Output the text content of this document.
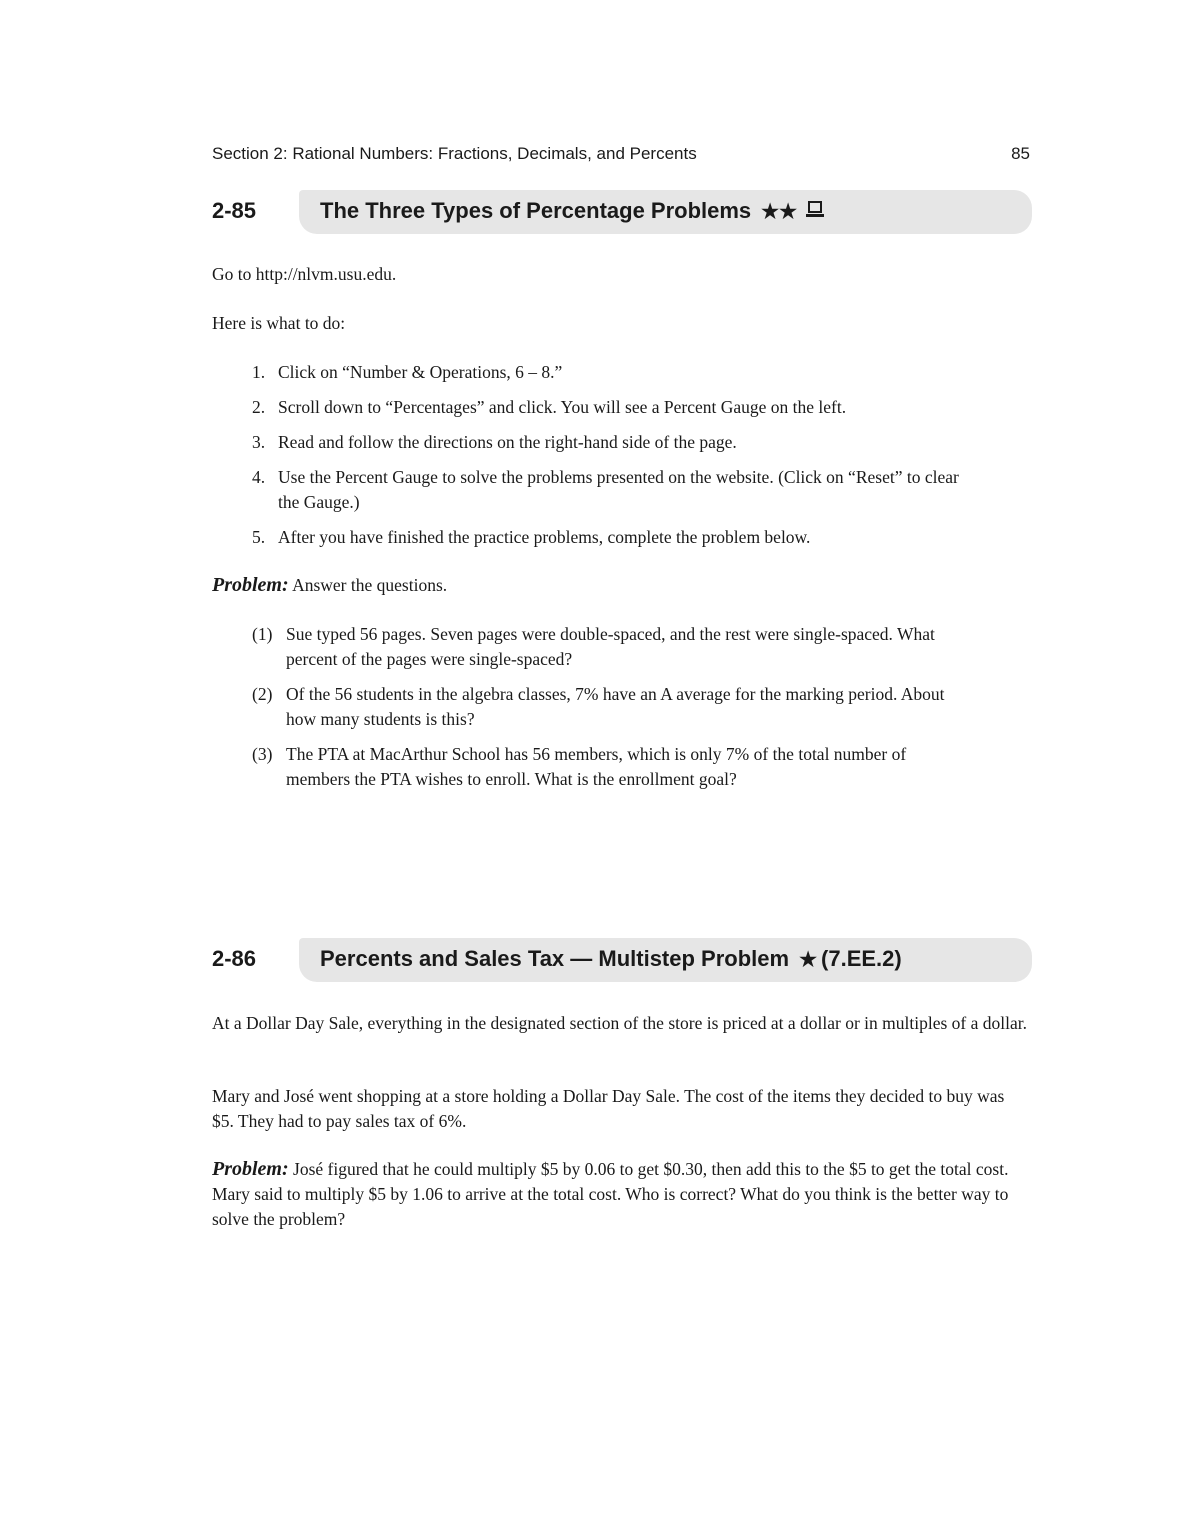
Section 2: Rational Numbers: Fractions, Decimals, and Percents	85
2-85	The Three Types of Percentage Problems ★★
Go to http://nlvm.usu.edu.
Here is what to do:
1. Click on “Number & Operations, 6 – 8.”
2. Scroll down to “Percentages” and click. You will see a Percent Gauge on the left.
3. Read and follow the directions on the right-hand side of the page.
4. Use the Percent Gauge to solve the problems presented on the website. (Click on “Reset” to clear the Gauge.)
5. After you have finished the practice problems, complete the problem below.
Problem: Answer the questions.
(1) Sue typed 56 pages. Seven pages were double-spaced, and the rest were single-spaced. What percent of the pages were single-spaced?
(2) Of the 56 students in the algebra classes, 7% have an A average for the marking period. About how many students is this?
(3) The PTA at MacArthur School has 56 members, which is only 7% of the total number of members the PTA wishes to enroll. What is the enrollment goal?
2-86	Percents and Sales Tax — Multistep Problem ★ (7.EE.2)
At a Dollar Day Sale, everything in the designated section of the store is priced at a dollar or in multiples of a dollar.
Mary and José went shopping at a store holding a Dollar Day Sale. The cost of the items they decided to buy was $5. They had to pay sales tax of 6%.
Problem: José figured that he could multiply $5 by 0.06 to get $0.30, then add this to the $5 to get the total cost. Mary said to multiply $5 by 1.06 to arrive at the total cost. Who is correct? What do you think is the better way to solve the problem?
